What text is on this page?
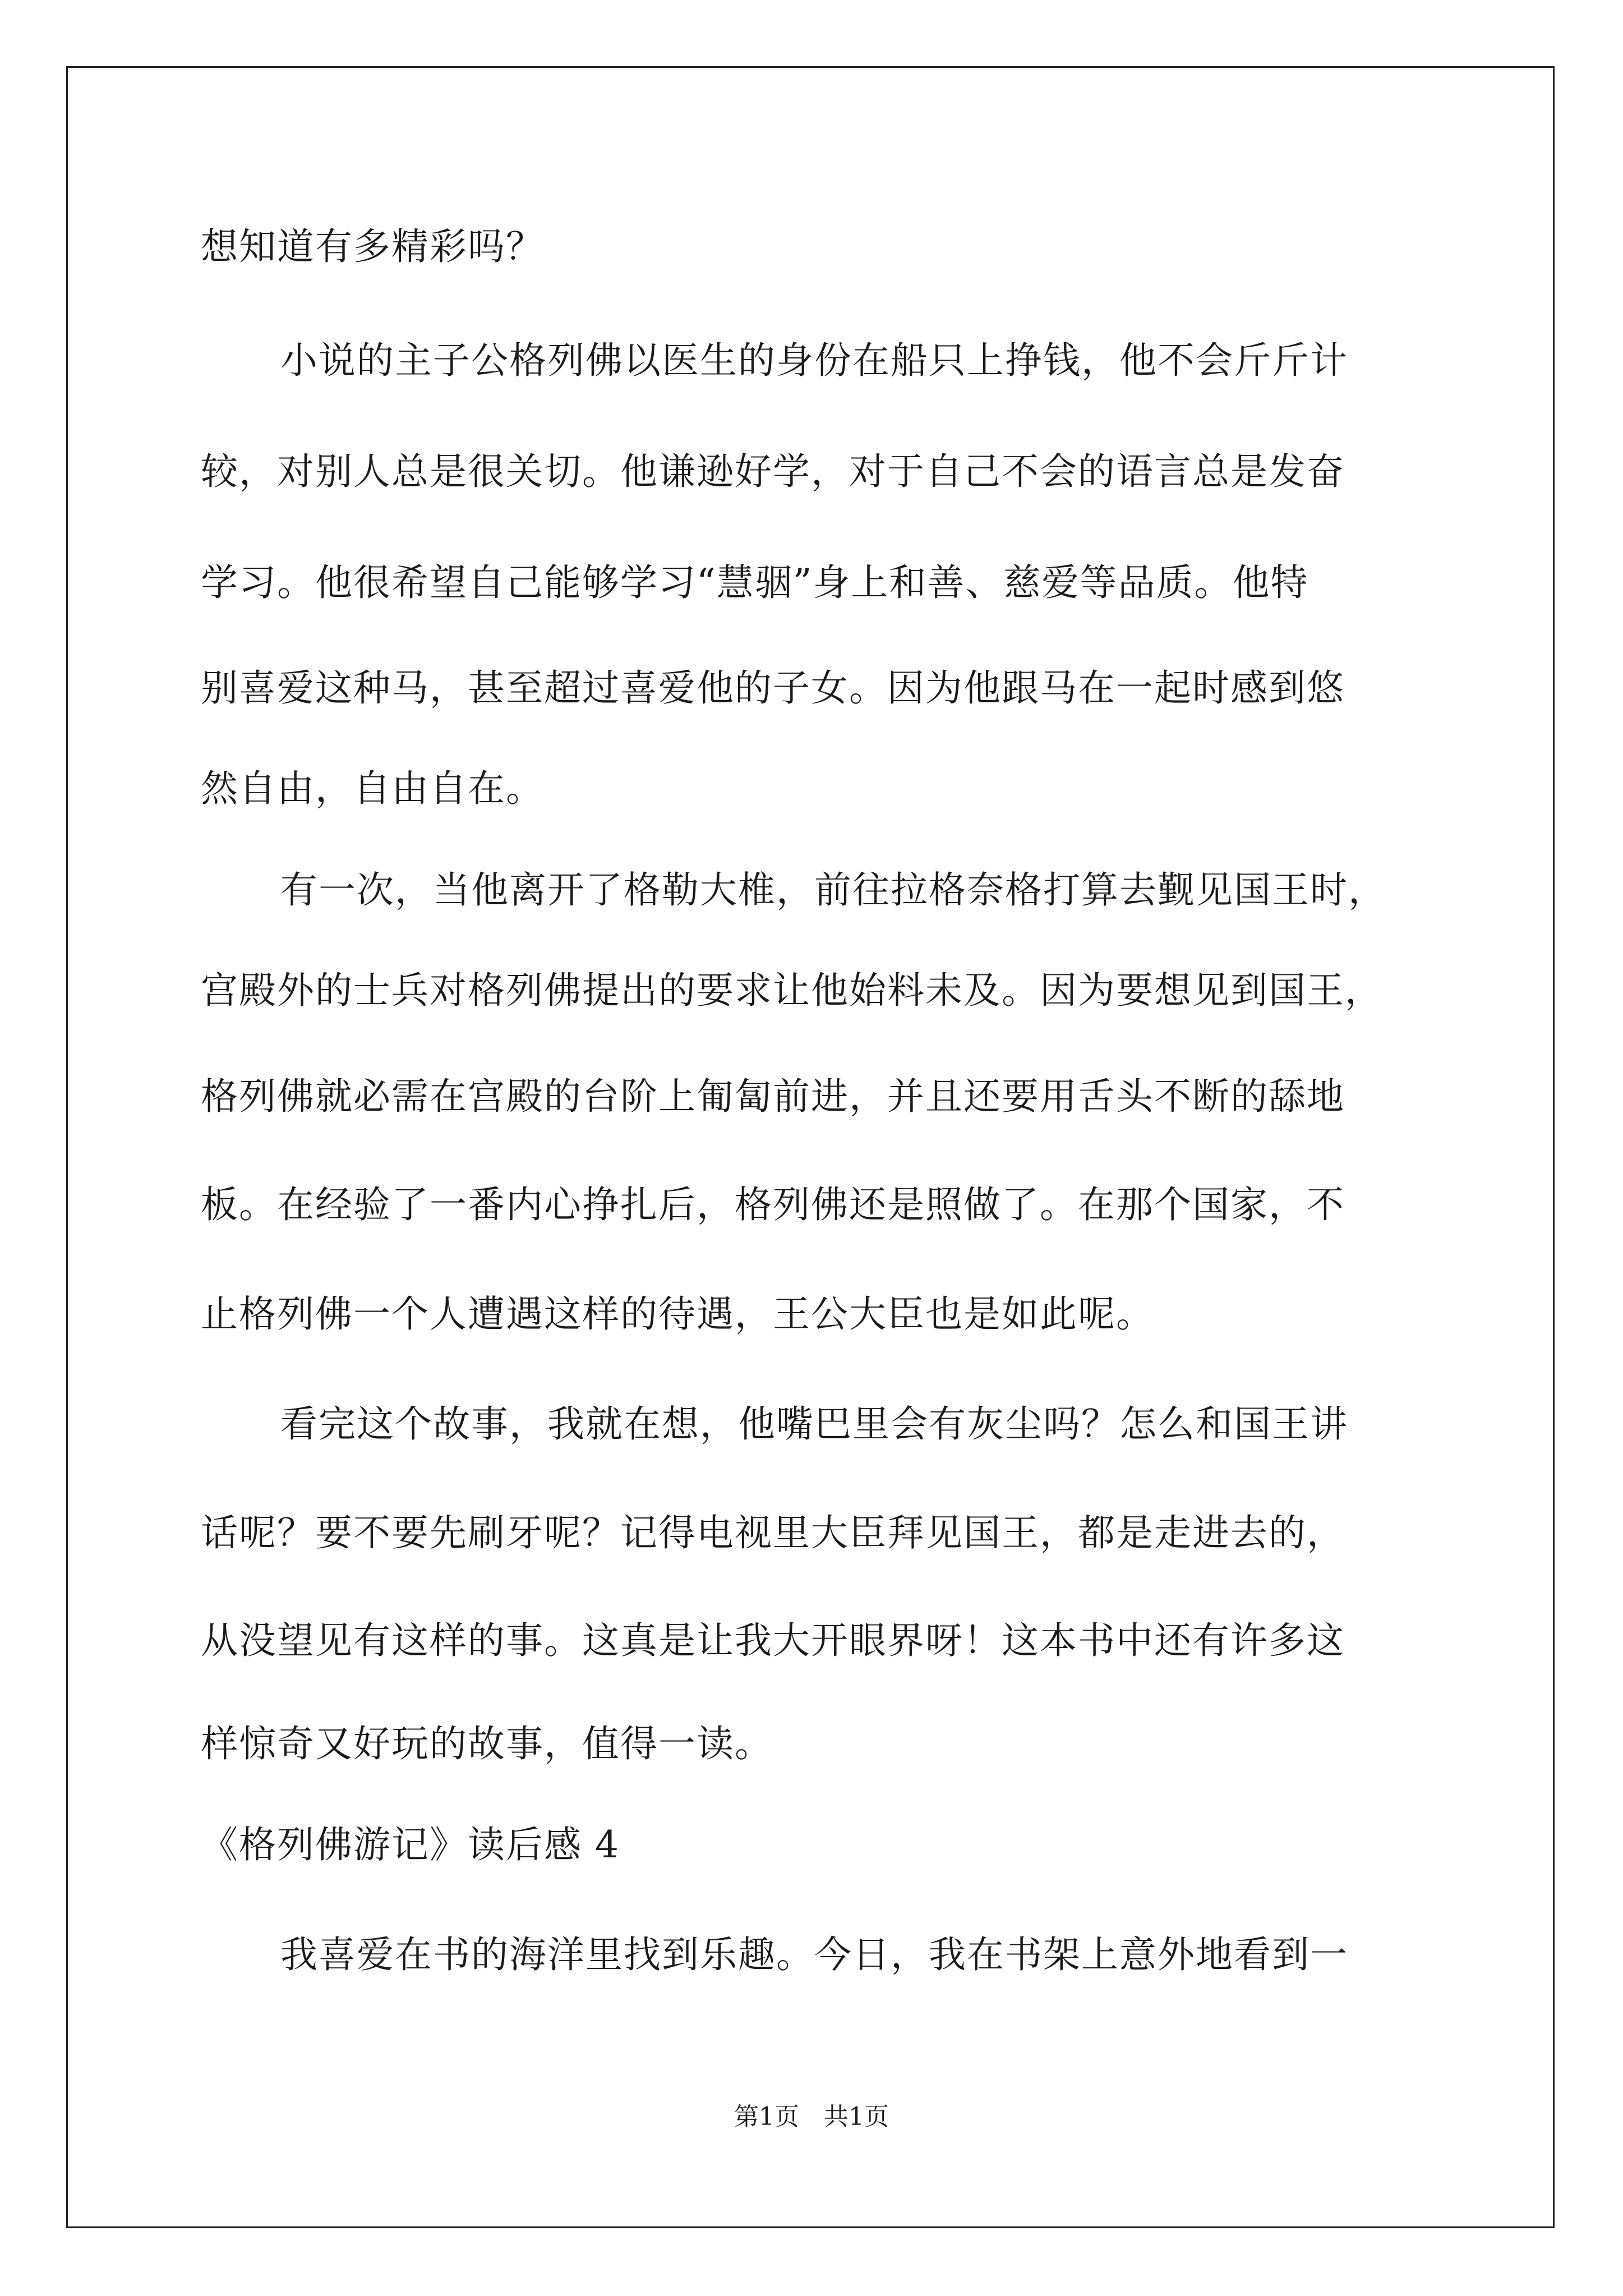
想知道有多精彩吗？
小说的主子公格列佛以医生的身份在船只上挣钱，他不会斤斤计
较，对别人总是很关切。他谦逊好学，对于自己不会的语言总是发奋
学习。他很希望自己能够学习“慧骃”身上和善、慈爱等品质。他特
别喜爱这种马，甚至超过喜爱他的子女。因为他跟马在一起时感到悠
然自由，自由自在。
有一次，当他离开了格勒大椎，前往拉格奈格打算去觐见国王时，
宫殿外的士兵对格列佛提出的要求让他始料未及。因为要想见到国王，
格列佛就必需在宫殿的台阶上匍匐前进，并且还要用舌头不断的舔地
板。在经验了一番内心挣扎后，格列佛还是照做了。在那个国家，不
止格列佛一个人遭遇这样的待遇，王公大臣也是如此呢。
看完这个故事，我就在想，他嘴巴里会有灰尘吗？怎么和国王讲
话呢？要不要先刷牙呢？记得电视里大臣拜见国王，都是走进去的，
从没望见有这样的事。这真是让我大开眼界呀！这本书中还有许多这
样惊奇又好玩的故事，值得一读。
《格列佛游记》读后感 4
我喜爱在书的海洋里找到乐趣。今日，我在书架上意外地看到一
第1页　共1页
